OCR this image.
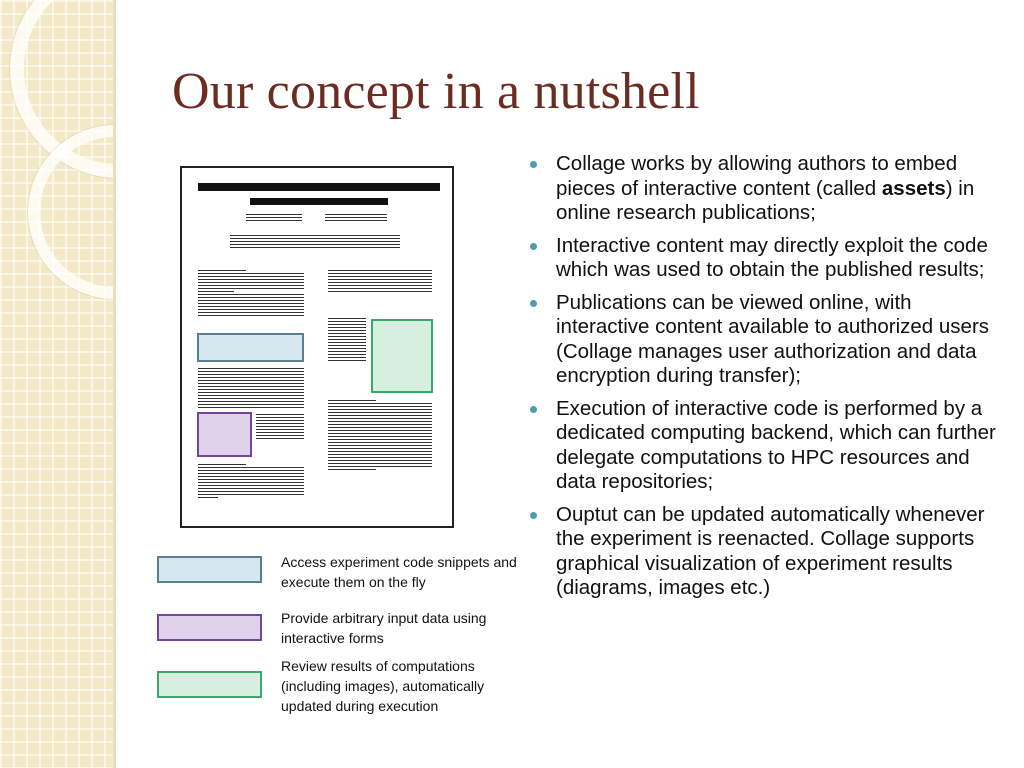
Our concept in a nutshell
Access experiment code snippets and execute them on the fly
Provide arbitrary input data using interactive forms
Review results of computations (including images), automatically updated during execution
Collage works by allowing authors to embed pieces of interactive content (called assets) in online research publications;
Interactive content may directly exploit the code which was used to obtain the published results;
Publications can be viewed online, with interactive content available to authorized users (Collage manages user authorization and data encryption during transfer);
Execution of interactive code is performed by a dedicated computing backend, which can further delegate computations to HPC resources and data repositories;
Ouptut can be updated automatically whenever the experiment is reenacted. Collage supports graphical visualization of experiment results (diagrams, images etc.)
